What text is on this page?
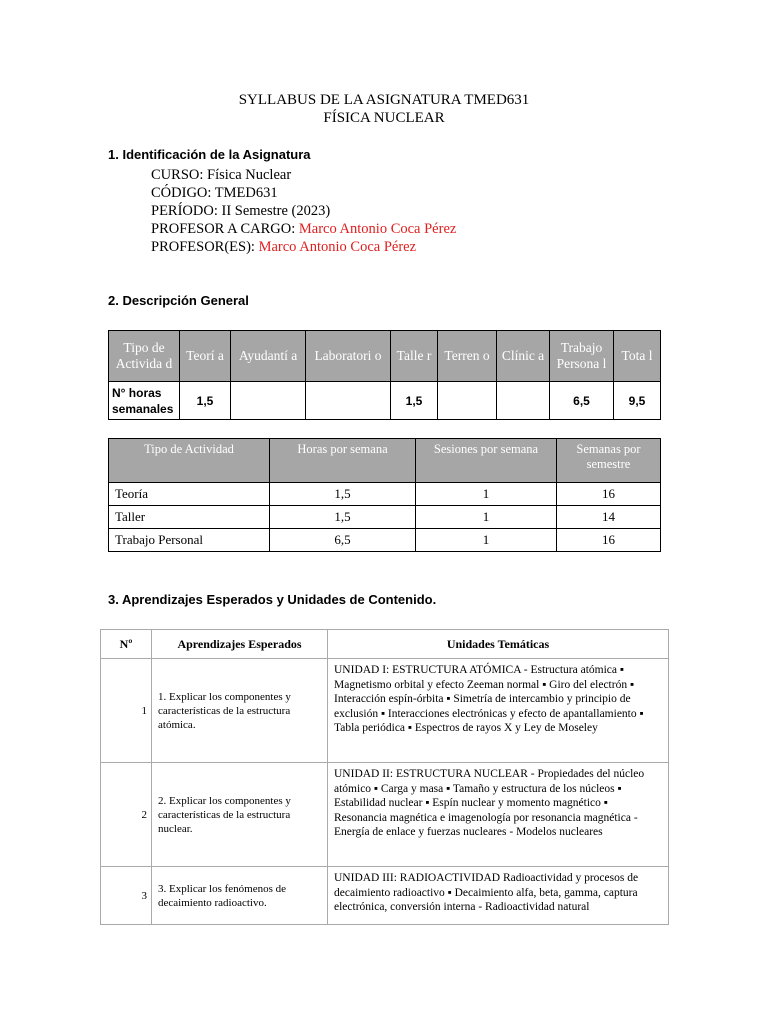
SYLLABUS DE LA ASIGNATURA TMED631
FÍSICA NUCLEAR
1. Identificación de la Asignatura
CURSO: Física Nuclear
CÓDIGO: TMED631
PERÍODO: II Semestre (2023)
PROFESOR A CARGO: Marco Antonio Coca Pérez
PROFESOR(ES): Marco Antonio Coca Pérez
2. Descripción General
Tipo de Activida d	Teorí a	Ayudantí a	Laboratori o	Talle r	Terren o	Clínic a	Trabajo Persona l	Tota l
N° horas semanales	1,5			1,5			6,5	9,5
Tipo de Actividad	Horas por semana	Sesiones por semana	Semanas por semestre
Teoría	1,5	1	16
Taller	1,5	1	14
Trabajo Personal	6,5	1	16
3. Aprendizajes Esperados y Unidades de Contenido.
Nº	Aprendizajes Esperados	Unidades Temáticas
1	1. Explicar los componentes y características de la estructura atómica.	UNIDAD I: ESTRUCTURA ATÓMICA - Estructura atómica ▪ Magnetismo orbital y efecto Zeeman normal ▪ Giro del electrón ▪ Interacción espín-órbita ▪ Simetría de intercambio y principio de exclusión ▪ Interacciones electrónicas y efecto de apantallamiento ▪ Tabla periódica ▪ Espectros de rayos X y Ley de Moseley
2	2. Explicar los componentes y características de la estructura nuclear.	UNIDAD II: ESTRUCTURA NUCLEAR - Propiedades del núcleo atómico ▪ Carga y masa ▪ Tamaño y estructura de los núcleos ▪ Estabilidad nuclear ▪ Espín nuclear y momento magnético ▪ Resonancia magnética e imagenología por resonancia magnética - Energía de enlace y fuerzas nucleares - Modelos nucleares
3	3. Explicar los fenómenos de decaimiento radioactivo.	UNIDAD III: RADIOACTIVIDAD Radioactividad y procesos de decaimiento radioactivo ▪ Decaimiento alfa, beta, gamma, captura electrónica, conversión interna - Radioactividad natural
